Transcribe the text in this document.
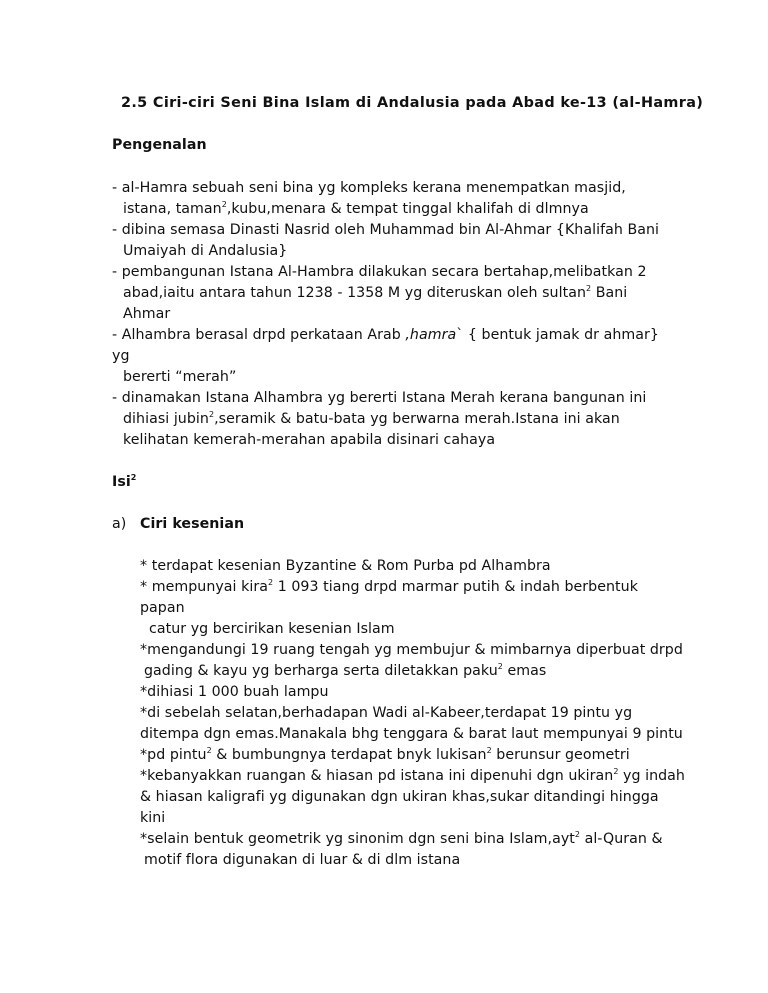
2.5 Ciri-ciri Seni Bina Islam di Andalusia pada Abad ke-13 (al-Hamra)
Pengenalan
- al-Hamra sebuah seni bina yg kompleks kerana menempatkan masjid,
istana, taman$^2$,kubu,menara & tempat tinggal khalifah di dlmnya
- dibina semasa Dinasti Nasrid oleh Muhammad bin Al-Ahmar {Khalifah Bani
Umaiyah di Andalusia}
- pembangunan Istana Al-Hambra dilakukan secara bertahap,melibatkan 2
abad,iaitu antara tahun 1238 - 1358 M yg diteruskan oleh sultan$^2$ Bani
Ahmar
- Alhambra berasal drpd perkataan Arab ,hamra` { bentuk jamak dr ahmar}
yg
bererti “merah”
- dinamakan Istana Alhambra yg bererti Istana Merah kerana bangunan ini
dihiasi jubin$^2$,seramik & batu-bata yg berwarna merah.Istana ini akan
kelihatan kemerah-merahan apabila disinari cahaya
Isi$^2$
a) Ciri kesenian
* terdapat kesenian Byzantine & Rom Purba pd Alhambra
* mempunyai kira$^2$ 1 093 tiang drpd marmar putih & indah berbentuk
papan
catur yg bercirikan kesenian Islam
*mengandungi 19 ruang tengah yg membujur & mimbarnya diperbuat drpd
gading & kayu yg berharga serta diletakkan paku$^2$ emas
*dihiasi 1 000 buah lampu
*di sebelah selatan,berhadapan Wadi al-Kabeer,terdapat 19 pintu yg
ditempa dgn emas.Manakala bhg tenggara & barat laut mempunyai 9 pintu
*pd pintu$^2$ & bumbungnya terdapat bnyk lukisan$^2$ berunsur geometri
*kebanyakkan ruangan & hiasan pd istana ini dipenuhi dgn ukiran$^2$ yg indah
& hiasan kaligrafi yg digunakan dgn ukiran khas,sukar ditandingi hingga
kini
*selain bentuk geometrik yg sinonim dgn seni bina Islam,ayt$^2$ al-Quran &
motif flora digunakan di luar & di dlm istana
